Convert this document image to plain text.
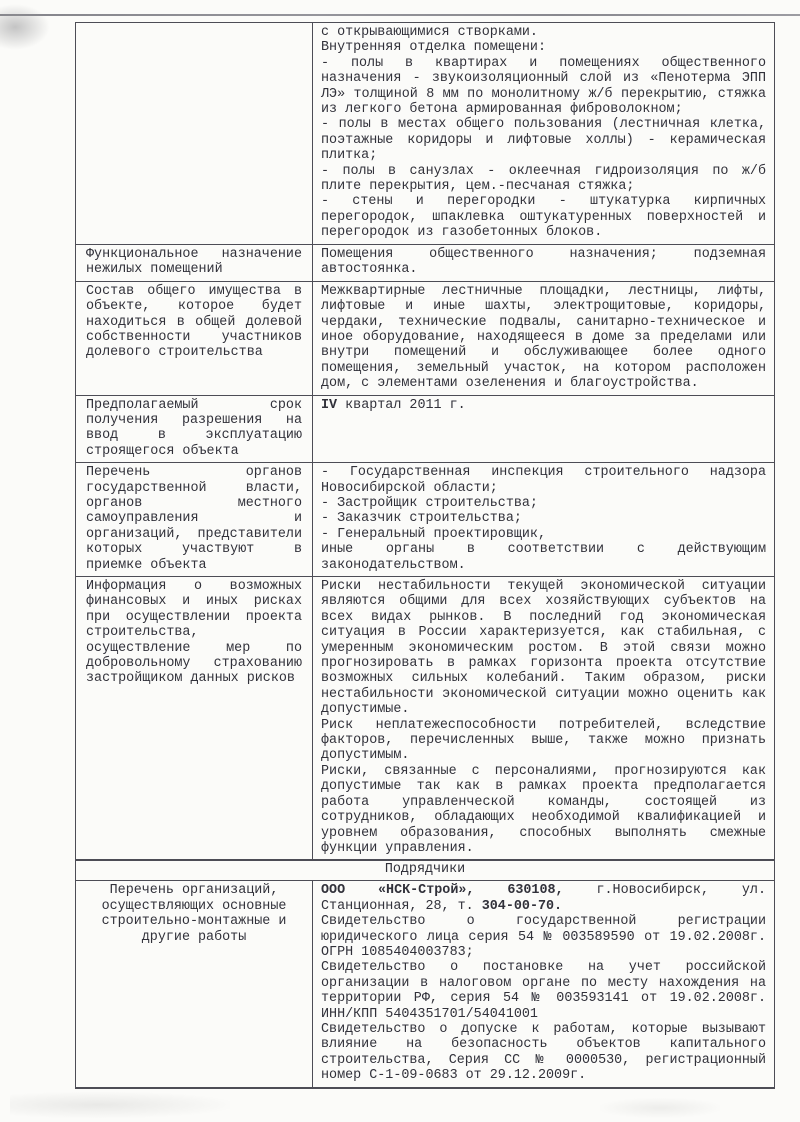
с открывающимися створками.
Внутренняя отделка помещени:
- полы в квартирах и помещениях общественного назначения - звукоизоляционный слой из «Пенотерма ЭПП ЛЭ» толщиной 8 мм по монолитному ж/б перекрытию, стяжка из легкого бетона армированная фиброволокном;
- полы в местах общего пользования (лестничная клетка, поэтажные коридоры и лифтовые холлы) - керамическая плитка;
- полы в санузлах - оклеечная гидроизоляция по ж/б плите перекрытия, цем.-песчаная стяжка;
- стены и перегородки - штукатурка кирпичных перегородок, шпаклевка оштукатуренных поверхностей и перегородок из газобетонных блоков.
Функциональное назначение нежилых помещений
Помещения общественного назначения; подземная автостоянка.
Состав общего имущества в объекте, которое будет находиться в общей долевой собственности участников долевого строительства
Межквартирные лестничные площадки, лестницы, лифты, лифтовые и иные шахты, электрощитовые, коридоры, чердаки, технические подвалы, санитарно-техническое и иное оборудование, находящееся в доме за пределами или внутри помещений и обслуживающее более одного помещения, земельный участок, на котором расположен дом, с элементами озеленения и благоустройства.
Предполагаемый срок получения разрешения на ввод в эксплуатацию строящегося объекта
IV квартал 2011 г.
Перечень органов государственной власти, органов местного самоуправления и организаций, представители которых участвуют в приемке объекта
- Государственная инспекция строительного надзора Новосибирской области;
- Застройщик строительства;
- Заказчик строительства;
- Генеральный проектировщик,
иные органы в соответствии с действующим законодательством.
Информация о возможных финансовых и иных рисках при осуществлении проекта строительства, осуществление мер по добровольному страхованию застройщиком данных рисков
Риски нестабильности текущей экономической ситуации являются общими для всех хозяйствующих субъектов на всех видах рынков. В последний год экономическая ситуация в России характеризуется, как стабильная, с умеренным экономическим ростом. В этой связи можно прогнозировать в рамках горизонта проекта отсутствие возможных сильных колебаний. Таким образом, риски нестабильности экономической ситуации можно оценить как допустимые.
Риск неплатежеспособности потребителей, вследствие факторов, перечисленных выше, также можно признать допустимым.
Риски, связанные с персоналиями, прогнозируются как допустимые так как в рамках проекта предполагается работа управленческой команды, состоящей из сотрудников, обладающих необходимой квалификацией и уровнем образования, способных выполнять смежные функции управления.
Подрядчики
Перечень организаций, осуществляющих основные строительно-монтажные и другие работы
ООО «НСК-Строй», 630108, г.Новосибирск, ул. Станционная, 28, т. 304-00-70.
Свидетельство о государственной регистрации юридического лица серия 54 № 003589590 от 19.02.2008г. ОГРН 1085404003783;
Свидетельство о постановке на учет российской организации в налоговом органе по месту нахождения на территории РФ, серия 54 № 003593141 от 19.02.2008г. ИНН/КПП 5404351701/54041001
Свидетельство о допуске к работам, которые вызывают влияние на безопасность объектов капитального строительства, Серия СС № 0000530, регистрационный номер С-1-09-0683 от 29.12.2009г.
